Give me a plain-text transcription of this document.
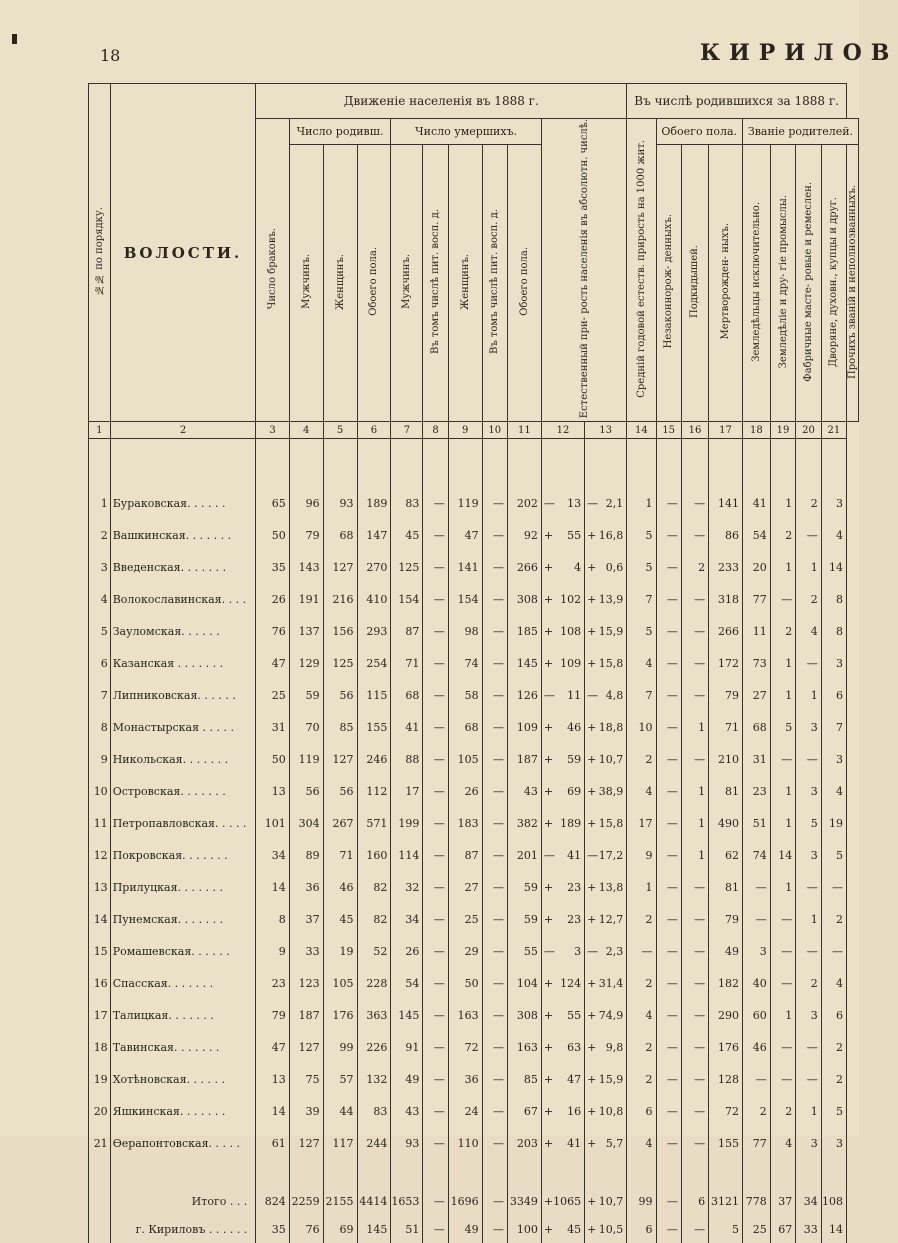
18	КИРИЛОВ
№№ по порядку.	ВОЛОСТИ.	Движеніе населенія въ 1888 г.											Въ числѣ родившихся за 1888 г.								
		Число браковъ.	Число родивш.			Число умершихъ.					Естественный при- рость населенія въ абсолютн. числѣ.		Средній годовой естеств. прирость на 1000 жит.	Обоего пола.			Званіе родителей.				
			Мужчинъ.	Женщинъ.	Обоего пола.	Мужчинъ.	Въ томъ числѣ пит. восп. д.	Женщинъ.	Въ томъ числѣ пит. восп. д.	Обоего пола.				Незаконнорож- денныхъ.	Подкидышей.	Мертворожден- ныхъ.	Земледѣльцы исключительно.	Земледѣліе и дру- гіе промыслы.	Фабричные масте- ровые и ремеслен.	Дворяне, духовн., купцы и друг.	Прочихъ званій и неполнозванныхъ.
1	2	3	4	5	6	7	8	9	10	11	12	13	14	15	16	17	18	19	20	21	

1	Бураковская. . . . . .	65	96	93	189	83	—	119	—	202	— 13	— 2,1	1	—	—	141	41	1	2	3	
2	Вашкинская. . . . . . .	50	79	68	147	45	—	47	—	92	+ 55	+ 16,8	5	—	—	86	54	2	—	4	
3	Введенская. . . . . . .	35	143	127	270	125	—	141	—	266	+ 4	+ 0,6	5	—	2	233	20	1	1	14	
4	Волокославинская. . . .	26	191	216	410	154	—	154	—	308	+ 102	+ 13,9	7	—	—	318	77	—	2	8	
5	Зауломская. . . . . .	76	137	156	293	87	—	98	—	185	+ 108	+ 15,9	5	—	—	266	11	2	4	8	
6	Казанская . . . . . . .	47	129	125	254	71	—	74	—	145	+ 109	+ 15,8	4	—	—	172	73	1	—	3	
7	Липниковская. . . . . .	25	59	56	115	68	—	58	—	126	— 11	— 4,8	7	—	—	79	27	1	1	6	
8	Монастырская . . . . .	31	70	85	155	41	—	68	—	109	+ 46	+ 18,8	10	—	1	71	68	5	3	7	
9	Никольская. . . . . . .	50	119	127	246	88	—	105	—	187	+ 59	+ 10,7	2	—	—	210	31	—	—	3	
10	Островская. . . . . . .	13	56	56	112	17	—	26	—	43	+ 69	+ 38,9	4	—	1	81	23	1	3	4	
11	Петропавловская. . . . .	101	304	267	571	199	—	183	—	382	+ 189	+ 15,8	17	—	1	490	51	1	5	19	
12	Покровская. . . . . . .	34	89	71	160	114	—	87	—	201	— 41	— 17,2	9	—	1	62	74	14	3	5	
13	Прилуцкая. . . . . . .	14	36	46	82	32	—	27	—	59	+ 23	+ 13,8	1	—	—	81	—	1	—	—	
14	Пунемская. . . . . . .	8	37	45	82	34	—	25	—	59	+ 23	+ 12,7	2	—	—	79	—	—	1	2	
15	Ромашевская. . . . . .	9	33	19	52	26	—	29	—	55	— 3	— 2,3	—	—	—	49	3	—	—	—	
16	Спасская. . . . . . .	23	123	105	228	54	—	50	—	104	+ 124	+ 31,4	2	—	—	182	40	—	2	4	
17	Талицкая. . . . . . .	79	187	176	363	145	—	163	—	308	+ 55	+ 74,9	4	—	—	290	60	1	3	6	
18	Тавинская. . . . . . .	47	127	99	226	91	—	72	—	163	+ 63	+ 9,8	2	—	—	176	46	—	—	2	
19	Хотѣновская. . . . . .	13	75	57	132	49	—	36	—	85	+ 47	+ 15,9	2	—	—	128	—	—	—	2	
20	Яшкинская. . . . . . .	14	39	44	83	43	—	24	—	67	+ 16	+ 10,8	6	—	—	72	2	2	1	5	
21	Ѳерапонтовская. . . . .	61	127	117	244	93	—	110	—	203	+ 41	+ 5,7	4	—	—	155	77	4	3	3	

	Итого . . .	824	2259	2155	4414	1653	—	1696	—	3349	+ 1065	+ 10,7	99	—	6	3121	778	37	34	108	
	г. Кириловъ . . . . . .	35	76	69	145	51	—	49	—	100	+ 45	+ 10,5	6	—	—	5	25	67	33	14	
